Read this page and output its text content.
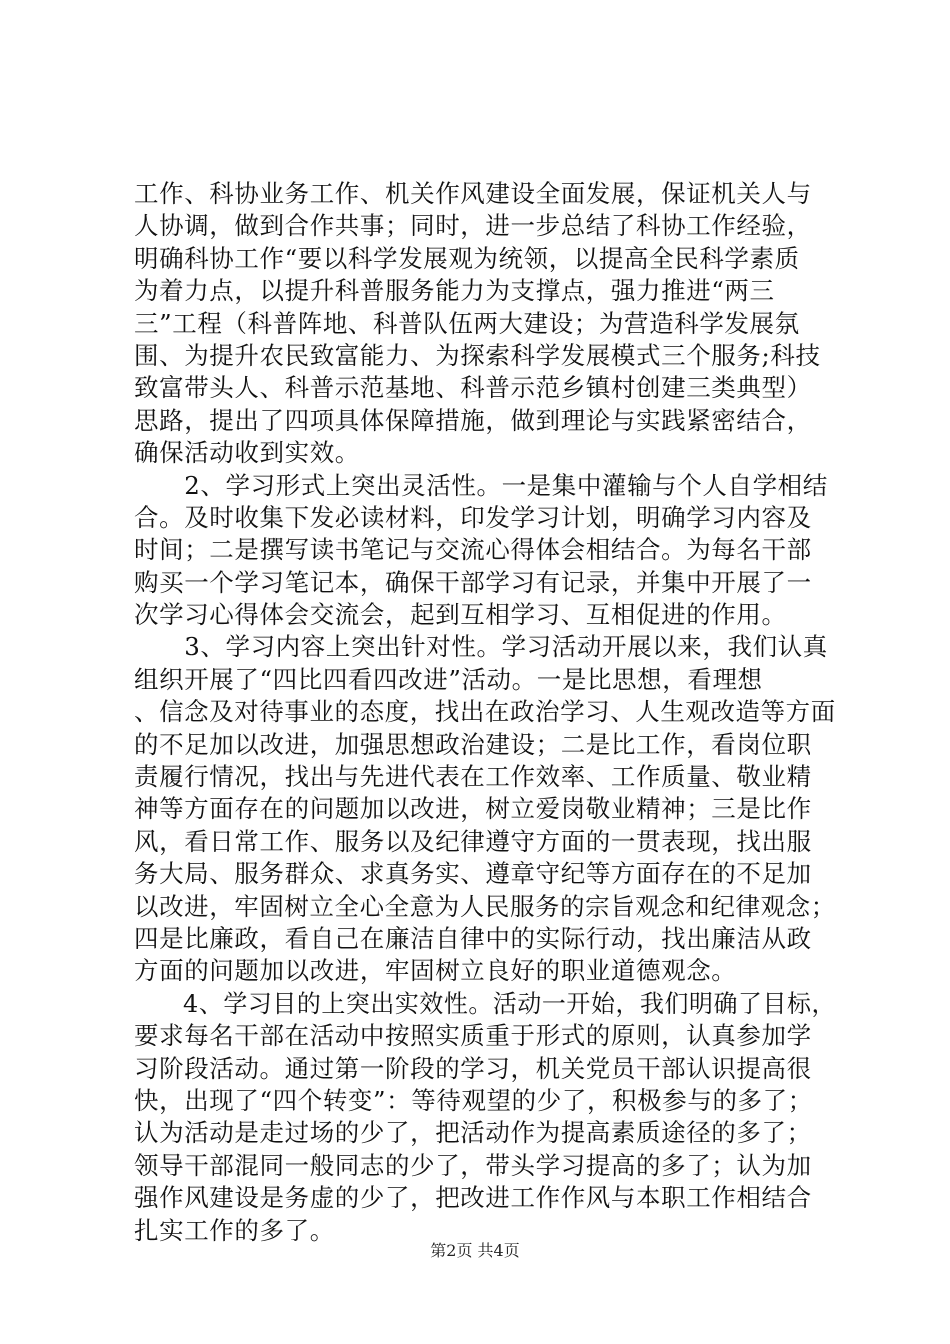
工作、科协业务工作、机关作风建设全面发展，保证机关人与
人协调，做到合作共事；同时，进一步总结了科协工作经验，
明确科协工作“要以科学发展观为统领，以提高全民科学素质
为着力点，以提升科普服务能力为支撑点，强力推进“两三
三”工程（科普阵地、科普队伍两大建设；为营造科学发展氛
围、为提升农民致富能力、为探索科学发展模式三个服务;科技
致富带头人、科普示范基地、科普示范乡镇村创建三类典型）
思路，提出了四项具体保障措施，做到理论与实践紧密结合，
确保活动收到实效。
　　2、学习形式上突出灵活性。一是集中灌输与个人自学相结
合。及时收集下发必读材料，印发学习计划，明确学习内容及
时间；二是撰写读书笔记与交流心得体会相结合。为每名干部
购买一个学习笔记本，确保干部学习有记录，并集中开展了一
次学习心得体会交流会，起到互相学习、互相促进的作用。
　　3、学习内容上突出针对性。学习活动开展以来，我们认真
组织开展了“四比四看四改进”活动。一是比思想，看理想
、信念及对待事业的态度，找出在政治学习、人生观改造等方面
的不足加以改进，加强思想政治建设；二是比工作，看岗位职
责履行情况，找出与先进代表在工作效率、工作质量、敬业精
神等方面存在的问题加以改进，树立爱岗敬业精神；三是比作
风，看日常工作、服务以及纪律遵守方面的一贯表现，找出服
务大局、服务群众、求真务实、遵章守纪等方面存在的不足加
以改进，牢固树立全心全意为人民服务的宗旨观念和纪律观念；
四是比廉政，看自己在廉洁自律中的实际行动，找出廉洁从政
方面的问题加以改进，牢固树立良好的职业道德观念。
　　4、学习目的上突出实效性。活动一开始，我们明确了目标，
要求每名干部在活动中按照实质重于形式的原则，认真参加学
习阶段活动。通过第一阶段的学习，机关党员干部认识提高很
快，出现了“四个转变”：等待观望的少了，积极参与的多了；
认为活动是走过场的少了，把活动作为提高素质途径的多了；
领导干部混同一般同志的少了，带头学习提高的多了；认为加
强作风建设是务虚的少了，把改进工作作风与本职工作相结合
扎实工作的多了。
第2页 共4页
